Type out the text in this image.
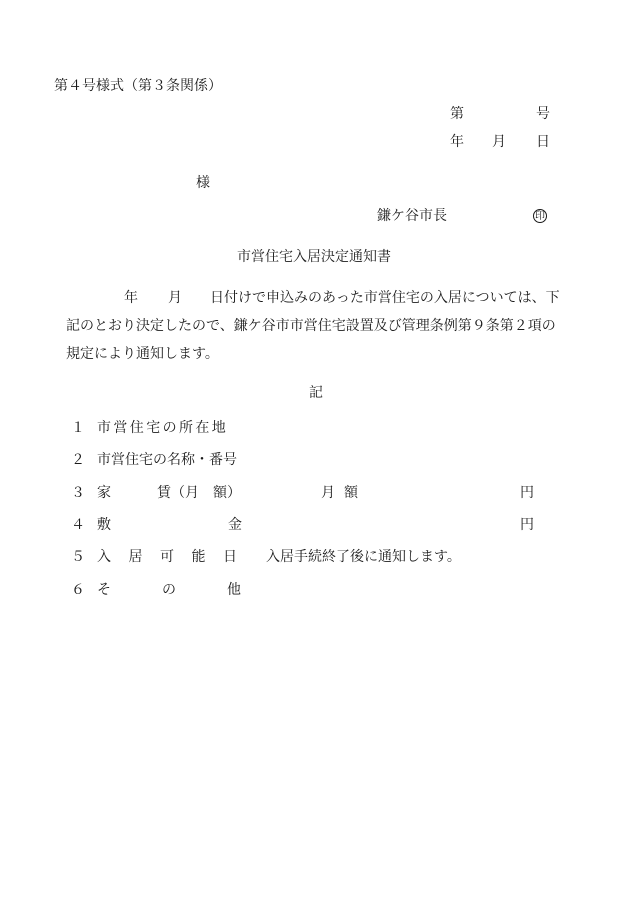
第４号様式（第３条関係）
第	号
年 月 日
様
鎌ケ谷市長	印
市営住宅入居決定通知書
年 月 日付けで申込みのあった市営住宅の入居については、下
記のとおり決定したので、鎌ケ谷市市営住宅設置及び管理条例第９条第２項の
規定により通知します。
記
１ 市営住宅の所在地
２ 市営住宅の名称・番号
３ 家	賃（月　額）	月額	円
４ 敷	金	円
５ 入居可能日 入居手続終了後に通知します。
６ そ	の	他
